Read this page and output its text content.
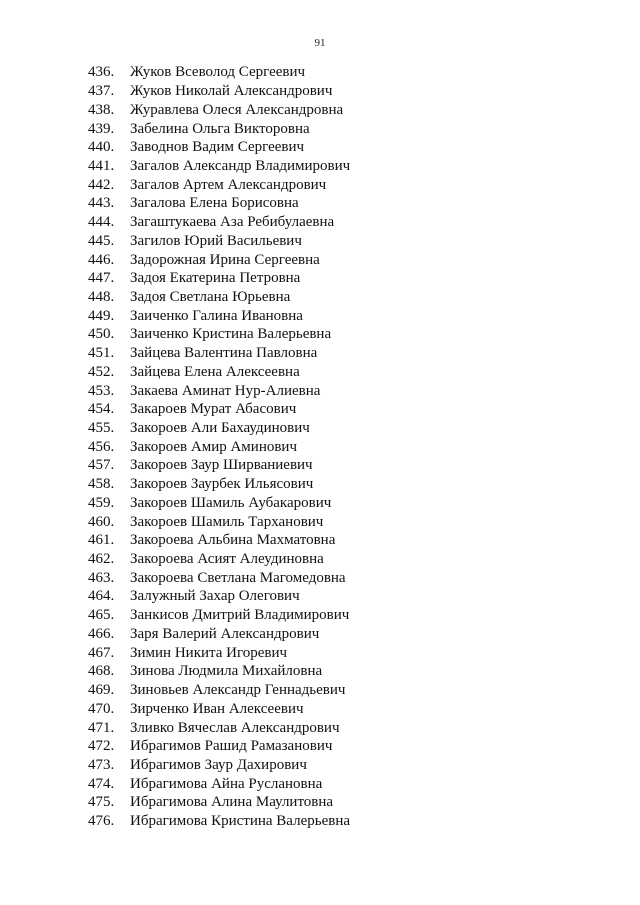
91
436.	Жуков Всеволод Сергеевич
437.	Жуков Николай Александрович
438.	Журавлева Олеся Александровна
439.	Забелина Ольга Викторовна
440.	Заводнов Вадим Сергеевич
441.	Загалов Александр Владимирович
442.	Загалов Артем Александрович
443.	Загалова Елена Борисовна
444.	Загаштукаева Аза Ребибулаевна
445.	Загилов Юрий Васильевич
446.	Задорожная Ирина Сергеевна
447.	Задоя Екатерина Петровна
448.	Задоя Светлана Юрьевна
449.	Заиченко Галина Ивановна
450.	Заиченко Кристина Валерьевна
451.	Зайцева Валентина Павловна
452.	Зайцева Елена Алексеевна
453.	Закаева Аминат Нур-Алиевна
454.	Закароев Мурат Абасович
455.	Закороев Али Бахаудинович
456.	Закороев Амир Аминович
457.	Закороев Заур Ширваниевич
458.	Закороев Заурбек Ильясович
459.	Закороев Шамиль Аубакарович
460.	Закороев Шамиль Тарханович
461.	Закороева Альбина Махматовна
462.	Закороева Асият Алеудиновна
463.	Закороева Светлана Магомедовна
464.	Залужный Захар Олегович
465.	Занкисов Дмитрий Владимирович
466.	Заря Валерий Александрович
467.	Зимин Никита Игоревич
468.	Зинова Людмила Михайловна
469.	Зиновьев Александр Геннадьевич
470.	Зирченко Иван Алексеевич
471.	Зливко Вячеслав Александрович
472.	Ибрагимов Рашид Рамазанович
473.	Ибрагимов Заур Дахирович
474.	Ибрагимова Айна Руслановна
475.	Ибрагимова Алина Маулитовна
476.	Ибрагимова Кристина Валерьевна
